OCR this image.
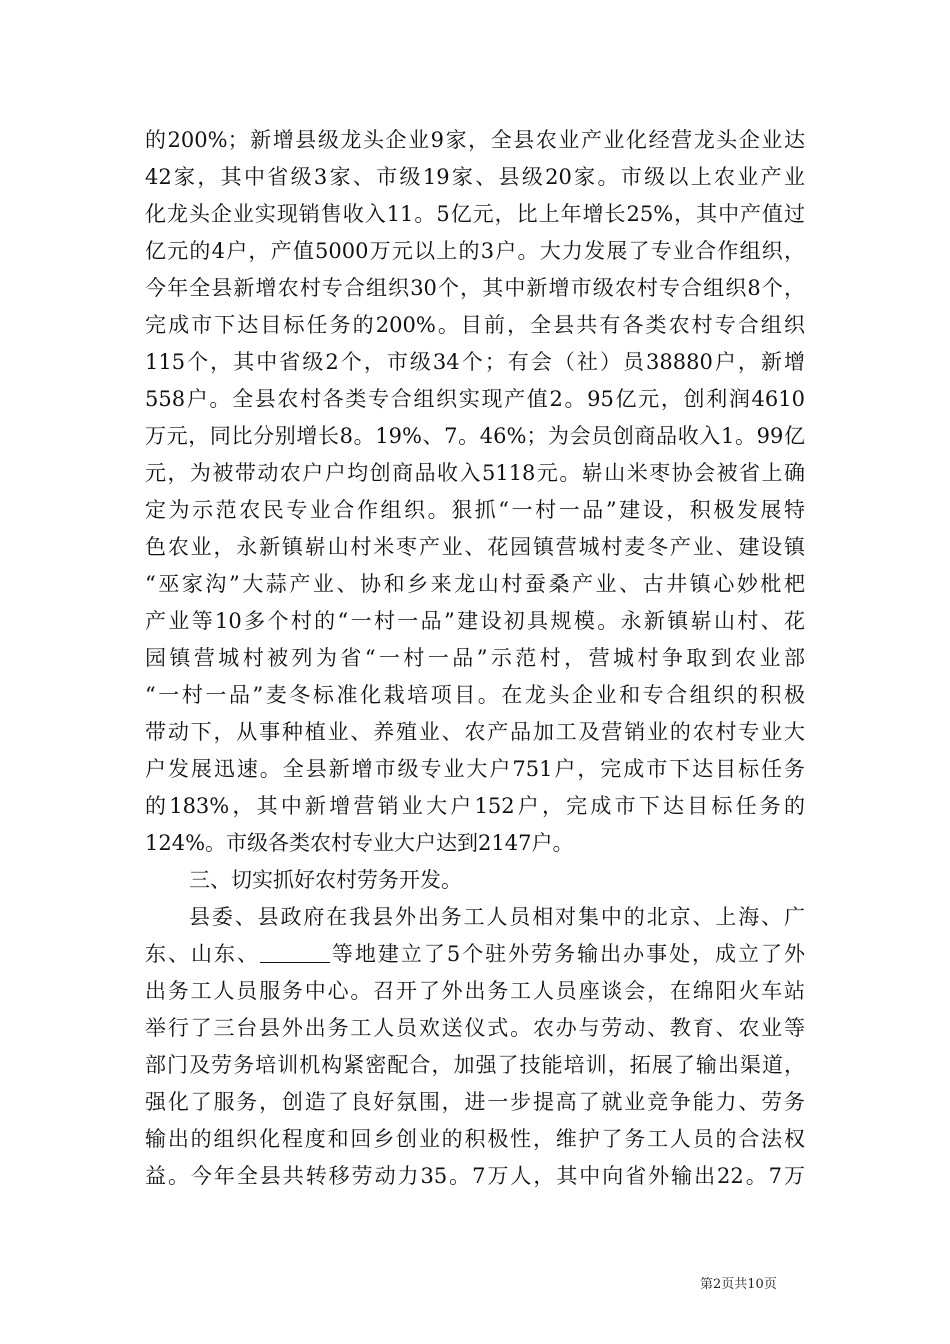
的200%；新增县级龙头企业9家，全县农业产业化经营龙头企业达
42家，其中省级3家、市级19家、县级20家。市级以上农业产业
化龙头企业实现销售收入11。5亿元，比上年增长25%，其中产值过
亿元的4户，产值5000万元以上的3户。大力发展了专业合作组织，
今年全县新增农村专合组织30个，其中新增市级农村专合组织8个，
完成市下达目标任务的200%。目前，全县共有各类农村专合组织
115个，其中省级2个，市级34个；有会（社）员38880户，新增
558户。全县农村各类专合组织实现产值2。95亿元，创利润4610
万元，同比分别增长8。19%、7。46%；为会员创商品收入1。99亿
元，为被带动农户户均创商品收入5118元。崭山米枣协会被省上确
定为示范农民专业合作组织。狠抓“一村一品”建设，积极发展特
色农业，永新镇崭山村米枣产业、花园镇营城村麦冬产业、建设镇
“巫家沟”大蒜产业、协和乡来龙山村蚕桑产业、古井镇心妙枇杷
产业等10多个村的“一村一品”建设初具规模。永新镇崭山村、花
园镇营城村被列为省“一村一品”示范村，营城村争取到农业部
“一村一品”麦冬标准化栽培项目。在龙头企业和专合组织的积极
带动下，从事种植业、养殖业、农产品加工及营销业的农村专业大
户发展迅速。全县新增市级专业大户751户，完成市下达目标任务
的183%，其中新增营销业大户152户，完成市下达目标任务的
124%。市级各类农村专业大户达到2147户。
三、切实抓好农村劳务开发。
县委、县政府在我县外出务工人员相对集中的北京、上海、广
东、山东、	等地建立了5个驻外劳务输出办事处，成立了外
出务工人员服务中心。召开了外出务工人员座谈会，在绵阳火车站
举行了三台县外出务工人员欢送仪式。农办与劳动、教育、农业等
部门及劳务培训机构紧密配合，加强了技能培训，拓展了输出渠道，
强化了服务，创造了良好氛围，进一步提高了就业竞争能力、劳务
输出的组织化程度和回乡创业的积极性，维护了务工人员的合法权
益。今年全县共转移劳动力35。7万人，其中向省外输出22。7万
第2页共10页
